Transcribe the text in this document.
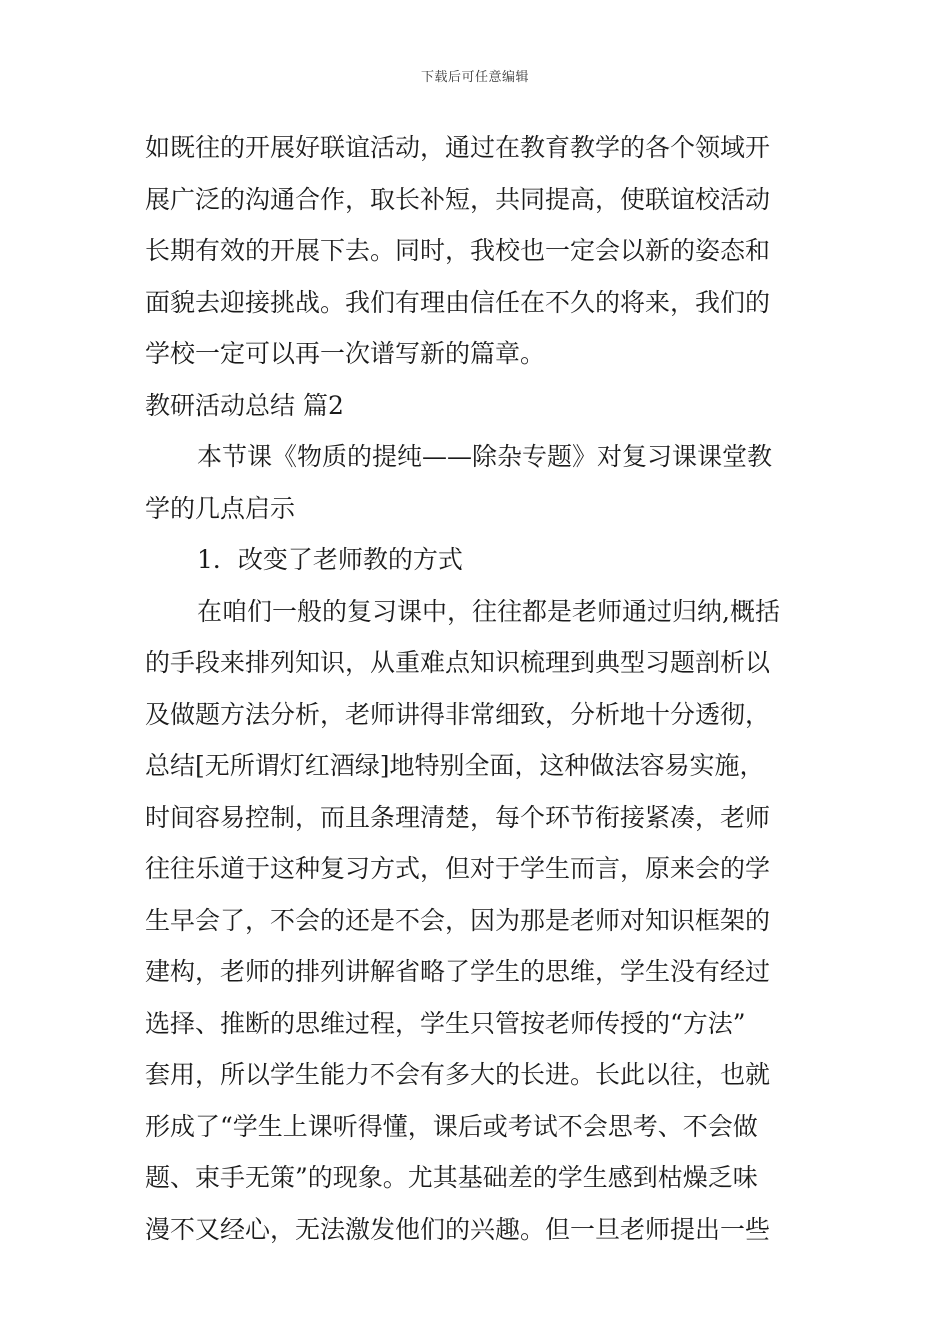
下载后可任意编辑
如既往的开展好联谊活动，通过在教育教学的各个领域开
展广泛的沟通合作，取长补短，共同提高，使联谊校活动
长期有效的开展下去。同时，我校也一定会以新的姿态和
面貌去迎接挑战。我们有理由信任在不久的将来，我们的
学校一定可以再一次谱写新的篇章。
教研活动总结 篇2
本节课《物质的提纯——除杂专题》对复习课课堂教
学的几点启示
1．改变了老师教的方式
在咱们一般的复习课中，往往都是老师通过归纳,概括
的手段来排列知识，从重难点知识梳理到典型习题剖析以
及做题方法分析，老师讲得非常细致，分析地十分透彻，
总结[无所谓灯红酒绿]地特别全面，这种做法容易实施，
时间容易控制，而且条理清楚，每个环节衔接紧凑，老师
往往乐道于这种复习方式，但对于学生而言，原来会的学
生早会了，不会的还是不会，因为那是老师对知识框架的
建构，老师的排列讲解省略了学生的思维，学生没有经过
选择、推断的思维过程，学生只管按老师传授的“方法”
套用，所以学生能力不会有多大的长进。长此以往，也就
形成了“学生上课听得懂，课后或考试不会思考、不会做
题、束手无策”的现象。尤其基础差的学生感到枯燥乏味
漫不又经心，无法激发他们的兴趣。但一旦老师提出一些
